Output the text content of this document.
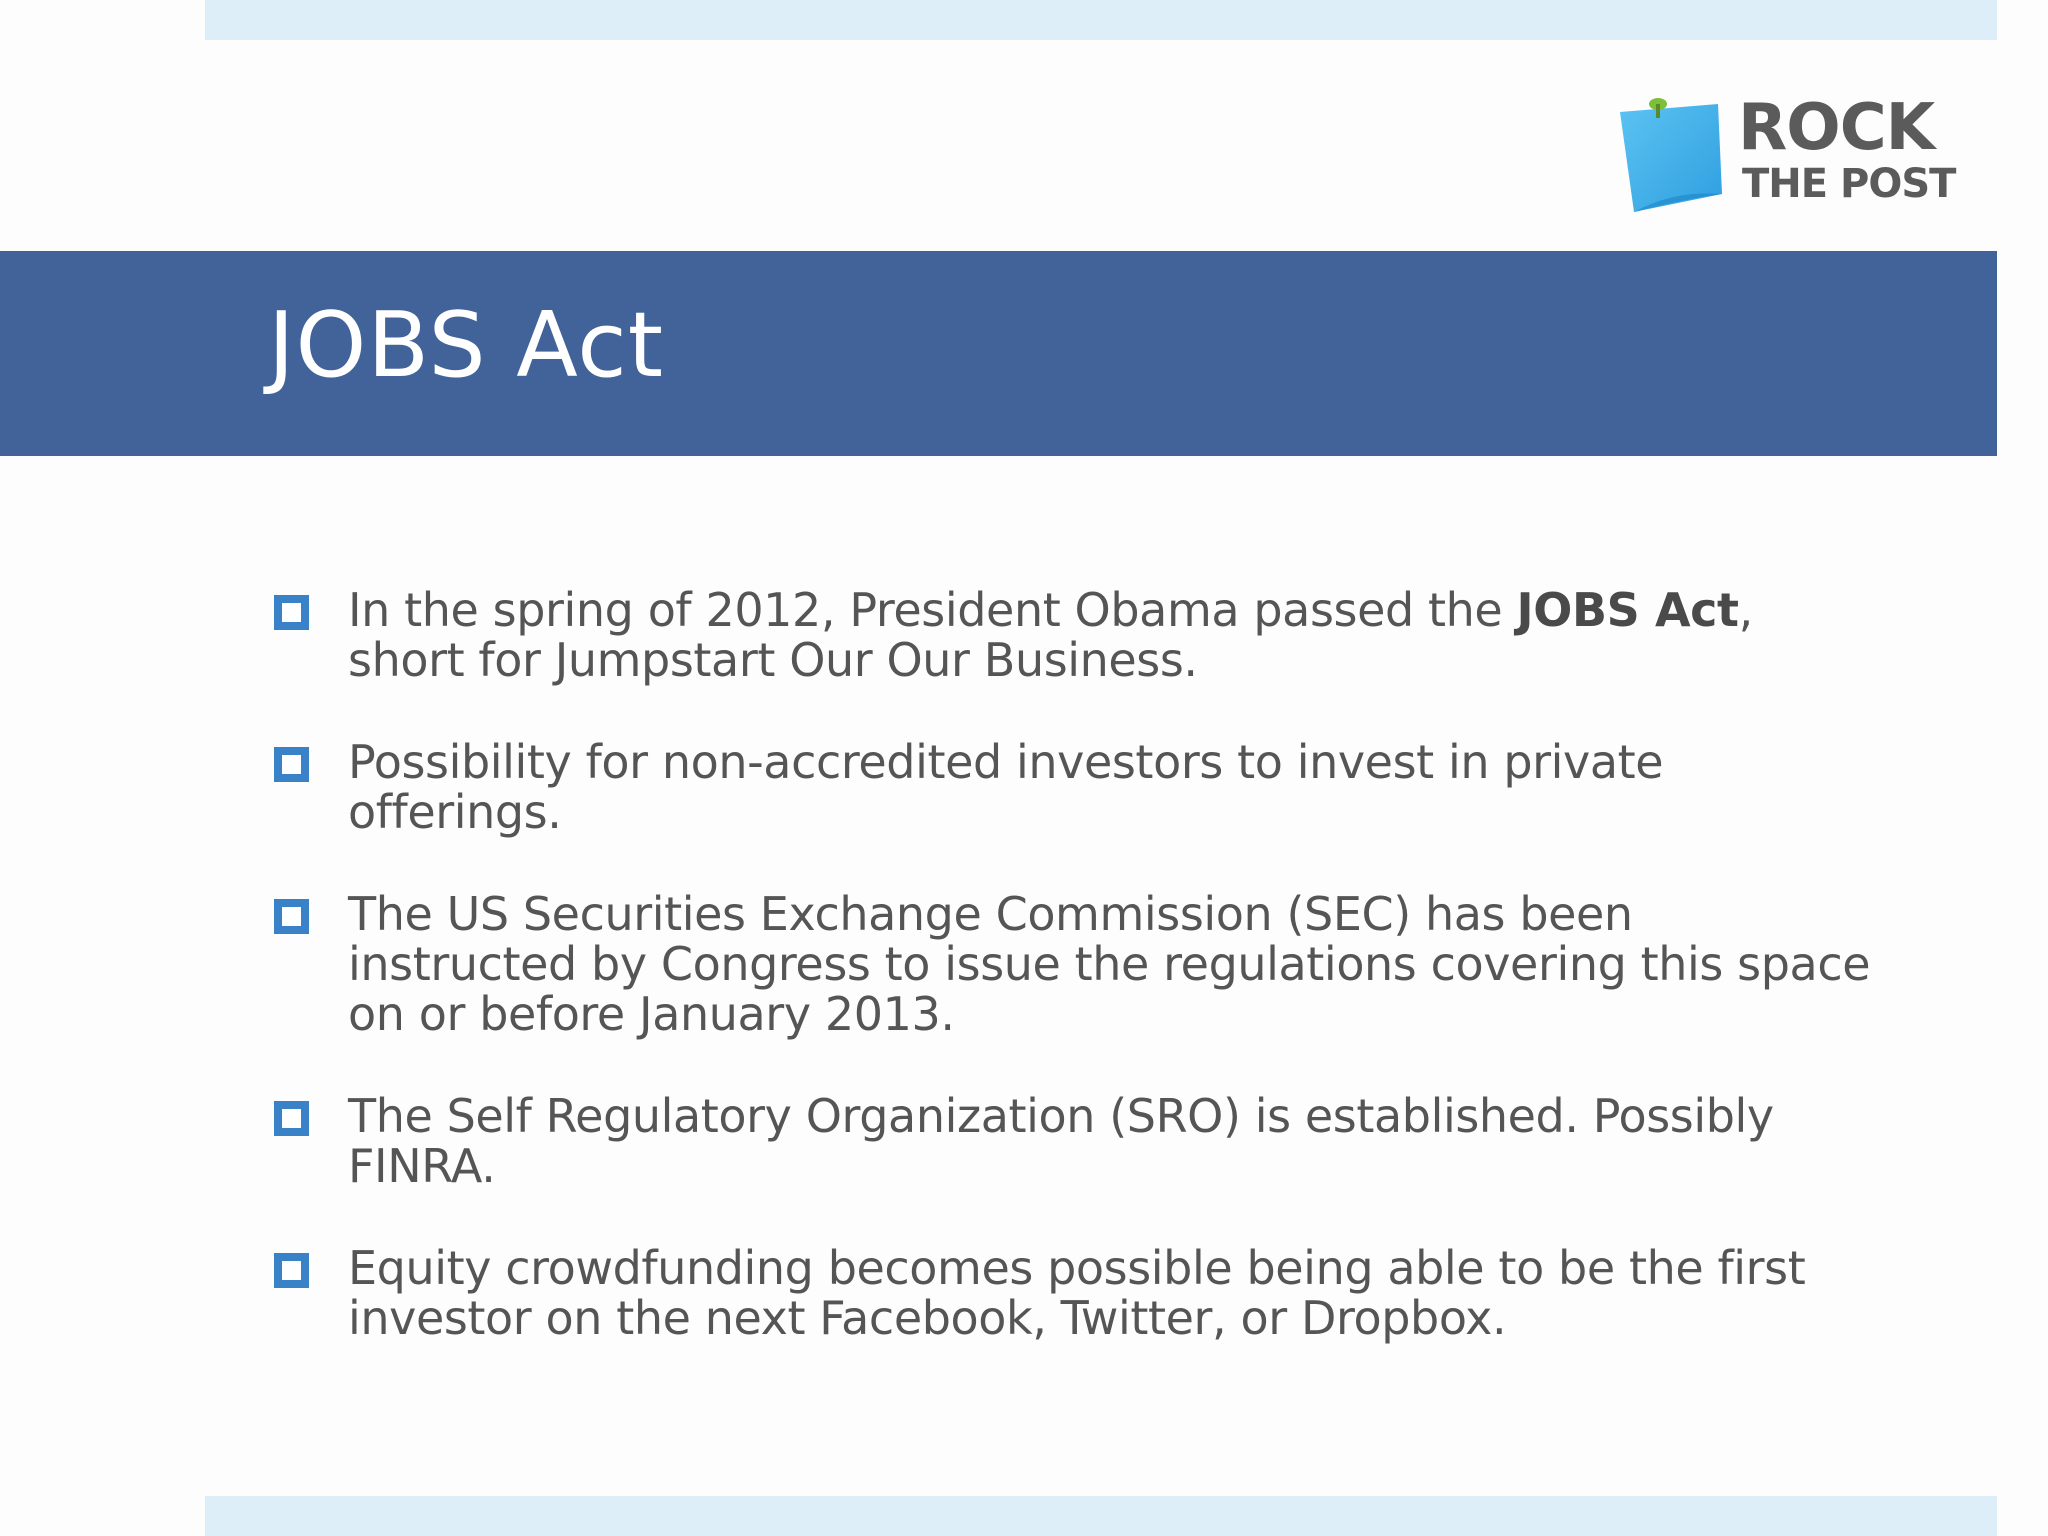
ROCK
THE POST
JOBS Act
In the spring of 2012, President Obama passed the JOBS Act, short for Jumpstart Our Our Business.
Possibility for non-accredited investors to invest in private offerings.
The US Securities Exchange Commission (SEC) has been instructed by Congress to issue the regulations covering this space on or before January 2013.
The Self Regulatory Organization (SRO) is established. Possibly FINRA.
Equity crowdfunding becomes possible being able to be the first investor on the next Facebook, Twitter, or Dropbox.
